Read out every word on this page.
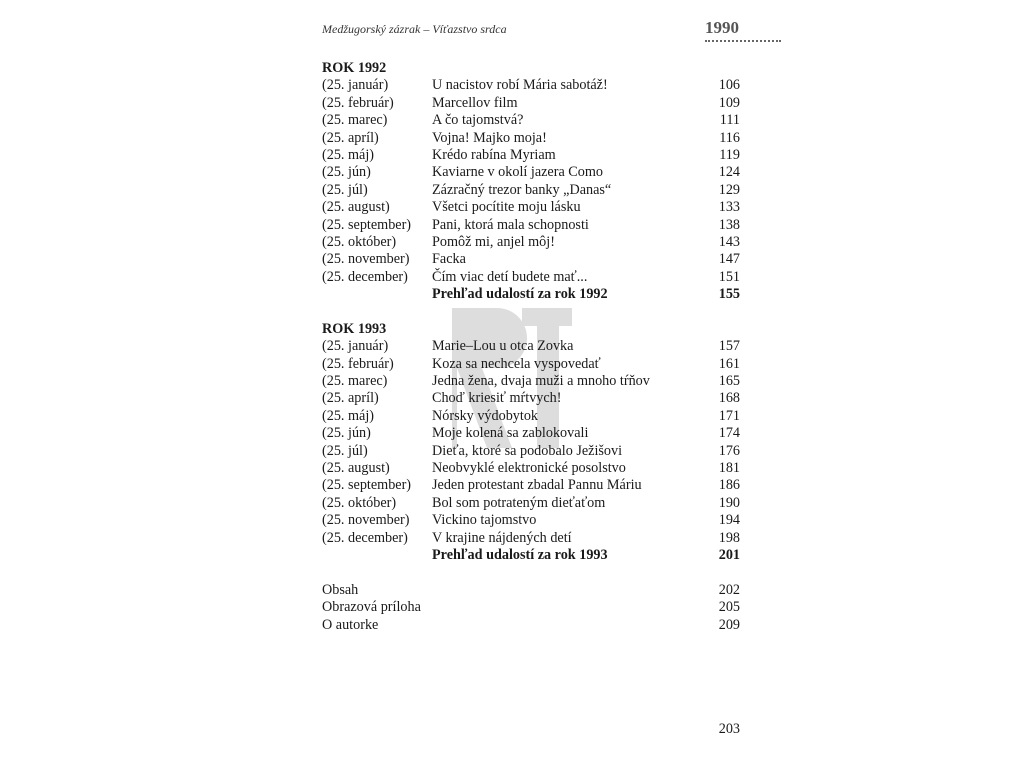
Medžugorský zázrak – Víťazstvo srdca	1990
ROK 1992
(25. január)	U nacistov robí Mária sabotáž!	106
(25. február)	Marcellov film	109
(25. marec)	A čo tajomstvá?	111
(25. apríl)	Vojna! Majko moja!	116
(25. máj)	Krédo rabína Myriam	119
(25. jún)	Kaviarne v okolí jazera Como	124
(25. júl)	Zázračný trezor banky „Danas“	129
(25. august)	Všetci pocítite moju lásku	133
(25. september)	Pani, ktorá mala schopnosti	138
(25. október)	Pomôž mi, anjel môj!	143
(25. november)	Facka	147
(25. december)	Čím viac detí budete mať...	151
Prehľad udalostí za rok 1992	155
ROK 1993
(25. január)	Marie–Lou u otca Zovka	157
(25. február)	Koza sa nechcela vyspovedať	161
(25. marec)	Jedna žena, dvaja muži a mnoho tŕňov	165
(25. apríl)	Choď kriesiť mŕtvych!	168
(25. máj)	Nórsky výdobytok	171
(25. jún)	Moje kolená sa zablokovali	174
(25. júl)	Dieťa, ktoré sa podobalo Ježišovi	176
(25. august)	Neobvyklé elektronické posolstvo	181
(25. september)	Jeden protestant zbadal Pannu Máriu	186
(25. október)	Bol som potrateným dieťaťom	190
(25. november)	Vickino tajomstvo	194
(25. december)	V krajine nájdených detí	198
Prehľad udalostí za rok 1993	201
Obsah	202
Obrazová príloha	205
O autorke	209
203
